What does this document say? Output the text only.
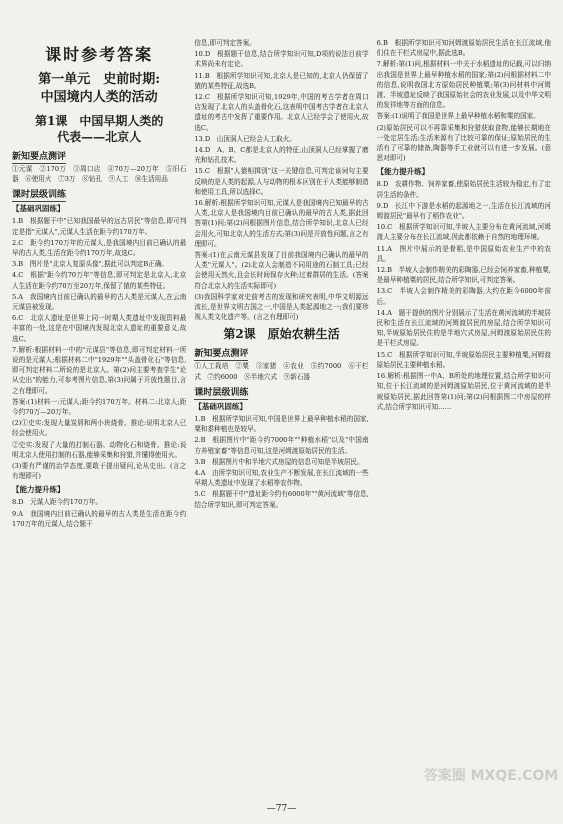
课时参考答案
第一单元　史前时期:
中国境内人类的活动
第1课　中国早期人类的
代表——北京人
新知要点测评
①元谋　②170万　③周口店　④70万—20万年　⑤旧石器　⑥使用火　⑦3万　⑧钻孔　⑨人工　⑩生活用品
课时层级训练
【基础巩固练】
1.B　根据题干中"已知我国最早的远古居民"等信息,即可判定是指"元谋人",元谋人生活在距今约170万年。
2.C　距今约170万年的元谋人,是我国境内目前已确认的最早的古人类,生活在距今约170万年,故选C。
3.B　图片是"北京人复原头像",据此可以判定B正确。
4.C　根据"距今约70万年"等信息,即可判定是北京人,北京人生活在距今约70万至20万年,保留了猿的某些特征。
5.A　我国境内目前已确认的最早的古人类是元谋人,在云南元谋县被发现。
6.C　北京人遗址是世界上同一时期人类遗址中发现资料最丰富的一处,这是在中国境内发现北京人遗址的重要意义,故选C。
7.解析:根据材料一中的"元谋县"等信息,即可判定材料一所说的是元谋人;根据材料二中"1929年""头盖骨化石"等信息,即可判定材料二所说的是北京人。第(2)问主要考查学生"论从史出"的能力,可参考图片信息,第(3)问属于开放性题目,言之有理即可。
答案:(1)材料一:元谋人;距今约170万年。材料二:北京人;距今约70万—20万年。
(2)①史实:发现大量炭屑和两小块烧骨。推论:说明北京人已经会使用火。
②史实:发现了大量的打制石器、动物化石和烧骨。推论:说明北京人使用打制的石器,能够采集和狩猎,并懂得使用火。
(3)要有严谨的治学态度,要敢于提出疑问,论从史出。(言之有理即可)
【能力提升练】
8.D　元谋人距今约170万年。
9.A　我国境内目前已确认的最早的古人类是生活在距今约170万年的元谋人,结合题干
信息,即可判定答案。
10.D　根据题干信息,结合所学知识可知,D项的说法目前学术界尚未有定论。
11.B　根据所学知识可知,北京人是已知的,北京人仍保留了猿的某些特征,故选B。
12.C　根据所学知识可知,1929年,中国的考古学者在周口店发现了北京人的头盖骨化石,这表明中国考古学者在北京人遗址的考古中发挥了重要作用。北京人已经学会了使用火,故选C。
13.D　山顶洞人已经会人工取火。
14.D　A、B、C都是北京人的特征,山顶洞人已经掌握了磨光和钻孔技术。
15.C　根据"人猿相揖别"这一关键信息,可判定该词句主要反映的是人类的起源,人与动物的根本区别在于人类能够制造和使用工具,所以选择C。
16.解析:根据所学知识可知,元谋人是我国境内已知最早的古人类,北京人是我国境内目前已确认的最早的古人类,据此回答第(1)问;第(2)问根据图片信息,结合所学知识,北京人已经会用火,可知北京人的生活方式;第(3)问是开放性问题,言之有理即可。
答案:(1)在云南元谋县发现了目前我国境内已确认的最早的人类"元谋人"。(2)北京人会制造不同用途的石制工具;已经会使用天然火,且会长时间保存火种;过着群居的生活。(答案符合北京人的生活实际即可)
(3)我国科学家对史前考古的发现和研究表明,中华文明源远流长,是世界文明古国之一,中国是人类起源地之一;我们要珍视人类文化遗产等。(言之有理即可)
第2课　原始农耕生活
新知要点测评
①人工栽培　②粟　③家猪　④农业　⑤约7000　⑥干栏式　⑦约6000　⑧半地穴式　⑨新石器
课时层级训练
【基础巩固练】
1.B　根据所学知识可知,中国是世界上最早种植水稻的国家,粟和黍种植也是较早。
2.B　根据图片中"距今约7000年""种植水稻"以及"中国南方养殖家畜"等信息可知,这是河姆渡原始居民的生活。
3.B　根据图片中和半地穴式房屋的信息可知是半坡居民。
4.A　由所学知识可知,农业生产不断发展,在长江流域的一些早期人类遗址中发现了水稻等农作物。
5.C　根据题干中"遗址距今约有6000年""黄河流域"等信息,结合所学知识,即可判定答案。
6.B　根据所学知识可知河姆渡原始居民生活在长江流域,他们住在干栏式房屋中,据此选B。
7.解析:第(1)问,根据材料一中关于水稻遗址的记载,可以归纳出我国是世界上最早种植水稻的国家;第(2)问根据材料二中的信息,说明我国北方原始居民种植粟;第(3)问材料中河姆渡、半坡遗址反映了我国原始社会的农业发展,以及中华文明的发祥地等方面的信息。
答案:(1)说明了我国是世界上最早种植水稻和粟的国家。
(2)原始居民可以不再靠采集和狩猎获取食物,能够长期地在一处定居生活;生活来源有了比较可靠的保证;原始居民的生活有了可靠的储备,陶器等手工业就可以有进一步发展。(意思对即可)
【能力提升练】
8.D　农耕作物、饲养家畜,使原始居民生活较为稳定,有了定居生活的条件。
9.D　长江中下游是水稻的起源地之一,生活在长江流域的河姆渡居民"最早有了稻作农业"。
10.C　根据所学知识可知,半坡人主要分布在黄河流域,河姆渡人主要分布在长江流域,因此都依赖于自然的地理环境。
11.A　图片中展示的是骨耜,是中国原始农业生产中的农具。
12.B　半坡人会制作精美的彩陶器,已经会饲养家畜,种植粟,是最早种植粟的居民,结合所学知识,可判定答案。
13.C　半坡人会制作精美的彩陶器,大约在距今6000年前后。
14.A　题干提供的图片分别展示了生活在黄河流域的半坡居民和生活在长江流域的河姆渡居民的房屋,结合所学知识可知,半坡原始居民住的是半地穴式房屋,河姆渡原始居民住的是干栏式房屋。
15.C　根据所学知识可知,半坡原始居民主要种植粟,河姆渡原始居民主要种植水稻。
16.解析:根据图一中A、B所处的地理位置,结合所学知识可知,位于长江流域的是河姆渡原始居民,位于黄河流域的是半坡原始居民,据此回答第(1)问;第(2)问根据图二中房屋的样式,结合所学知识可知……
—77—
答案圈 MXQE.COM
